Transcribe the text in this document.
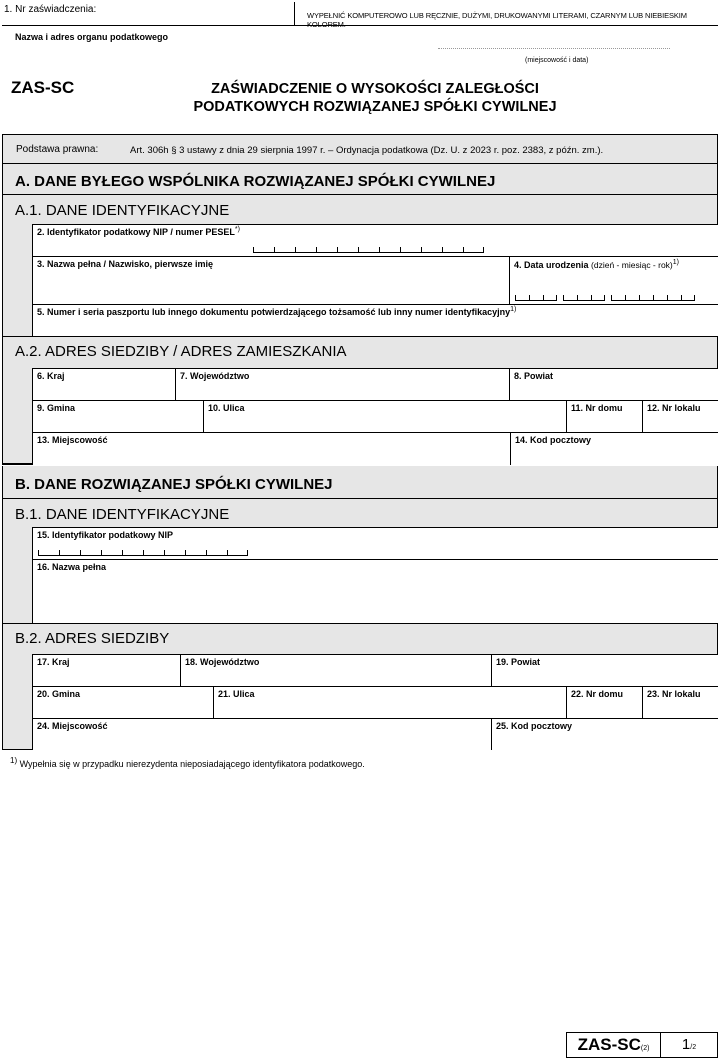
1. Nr zaświadczenia:
WYPEŁNIĆ KOMPUTEROWO LUB RĘCZNIE, DUŻYMI, DRUKOWANYMI LITERAMI, CZARNYM LUB NIEBIESKIM KOLOREM.
Nazwa i adres organu podatkowego
(miejscowość i data)
ZAS-SC	ZAŚWIADCZENIE O WYSOKOŚCI ZALEGŁOŚCI
PODATKOWYCH ROZWIĄZANEJ SPÓŁKI CYWILNEJ
Podstawa prawna:	Art. 306h § 3 ustawy z dnia 29 sierpnia 1997 r. – Ordynacja podatkowa (Dz. U. z 2023 r. poz. 2383, z późn. zm.).
A. DANE BYŁEGO WSPÓLNIKA ROZWIĄZANEJ SPÓŁKI CYWILNEJ
A.1. DANE IDENTYFIKACYJNE
2. Identyfikator podatkowy NIP / numer PESEL*)
3. Nazwa pełna / Nazwisko, pierwsze imię	4. Data urodzenia (dzień - miesiąc - rok)$^{1)}$
5. Numer i seria paszportu lub innego dokumentu potwierdzającego tożsamość lub inny numer identyfikacyjny$^{1)}$
A.2. ADRES SIEDZIBY / ADRES ZAMIESZKANIA
6. Kraj	7. Województwo	8. Powiat
9. Gmina	10. Ulica	11. Nr domu	12. Nr lokalu
13. Miejscowość	14. Kod pocztowy
B. DANE ROZWIĄZANEJ SPÓŁKI CYWILNEJ
B.1. DANE IDENTYFIKACYJNE
15. Identyfikator podatkowy NIP
16. Nazwa pełna
B.2. ADRES SIEDZIBY
17. Kraj	18. Województwo	19. Powiat
20. Gmina	21. Ulica	22. Nr domu	23. Nr lokalu
24. Miejscowość	25. Kod pocztowy
$^{1)}$ Wypełnia się w przypadku nierezydenta nieposiadającego identyfikatora podatkowego.
ZAS-SC(2)	1/2
